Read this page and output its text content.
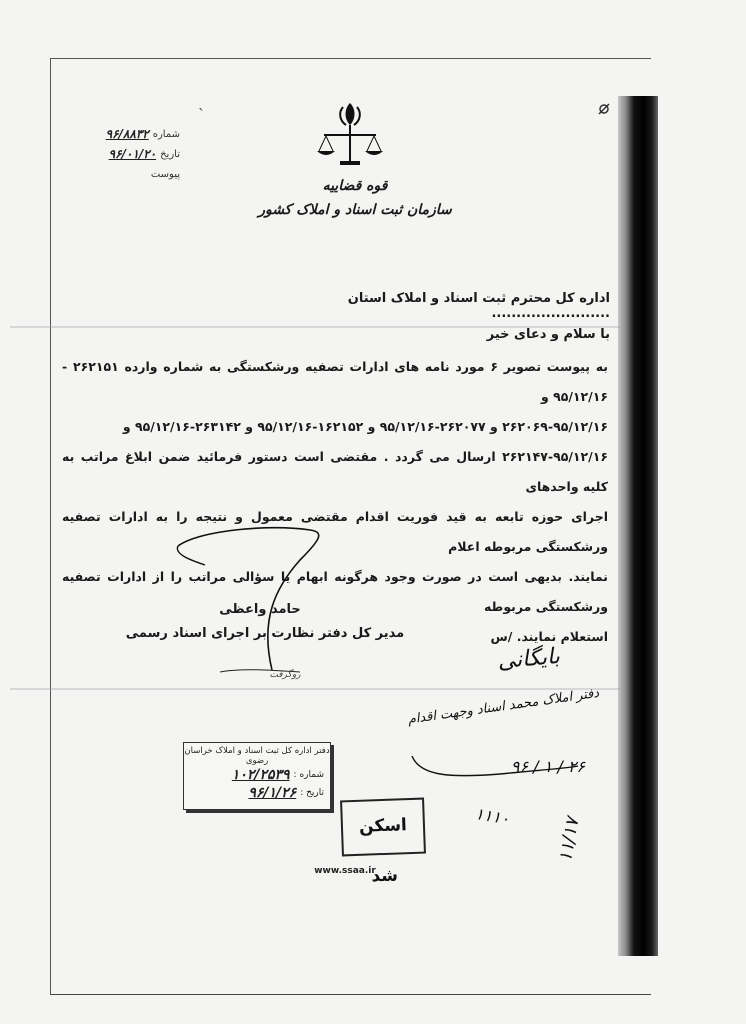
ˎ
شماره
۹۶/۸۸۳۲
تاریخ
۹۶/۰۱/۲۰
پیوست
قوه قضاییه
سازمان ثبت اسناد و املاک کشور
اداره کل محترم ثبت اسناد و املاک استان ........................
با سلام و دعای خیر

به پیوست تصویر ۶ مورد نامه های ادارات تصفیه ورشکستگی به شماره وارده ۲۶۲۱۵۱ - ۹۵/۱۲/۱۶ و

۲۶۲۰۶۹-۹۵/۱۲/۱۶ و ۲۶۲۰۷۷-۹۵/۱۲/۱۶ و ۱۶۲۱۵۲-۹۵/۱۲/۱۶ و ۲۶۳۱۴۲-۹۵/۱۲/۱۶ و

۲۶۲۱۴۷-۹۵/۱۲/۱۶ ارسال می گردد . مقتضی است دستور فرمائید ضمن ابلاغ مراتب به کلیه واحدهای

اجرای حوزه تابعه به قید فوریت اقدام مقتضی معمول و نتیجه را به ادارات تصفیه ورشکستگی مربوطه اعلام

نمایند. بدیهی است در صورت وجود هرگونه ابهام یا سؤالی مراتب را از ادارات تصفیه ورشکستگی مربوطه

استعلام نمایند. /س

حامد واعظی
مدیر کل دفتر نظارت بر اجرای اسناد رسمی
روگرفت
بایگانی
دفتر املاک محمد اسناد وجهت اقدام
۲۶ / ۱ / ۹۶
۱۱۱۰	۱۱/۱۷
دفتر اداره کل ثبت اسناد و املاک خراسان رضوی
شماره :
۱۰۲/۲۵۳۹
تاریخ :
۹۶/۱/۲۶
اسکن شد
www.ssaa.ir
